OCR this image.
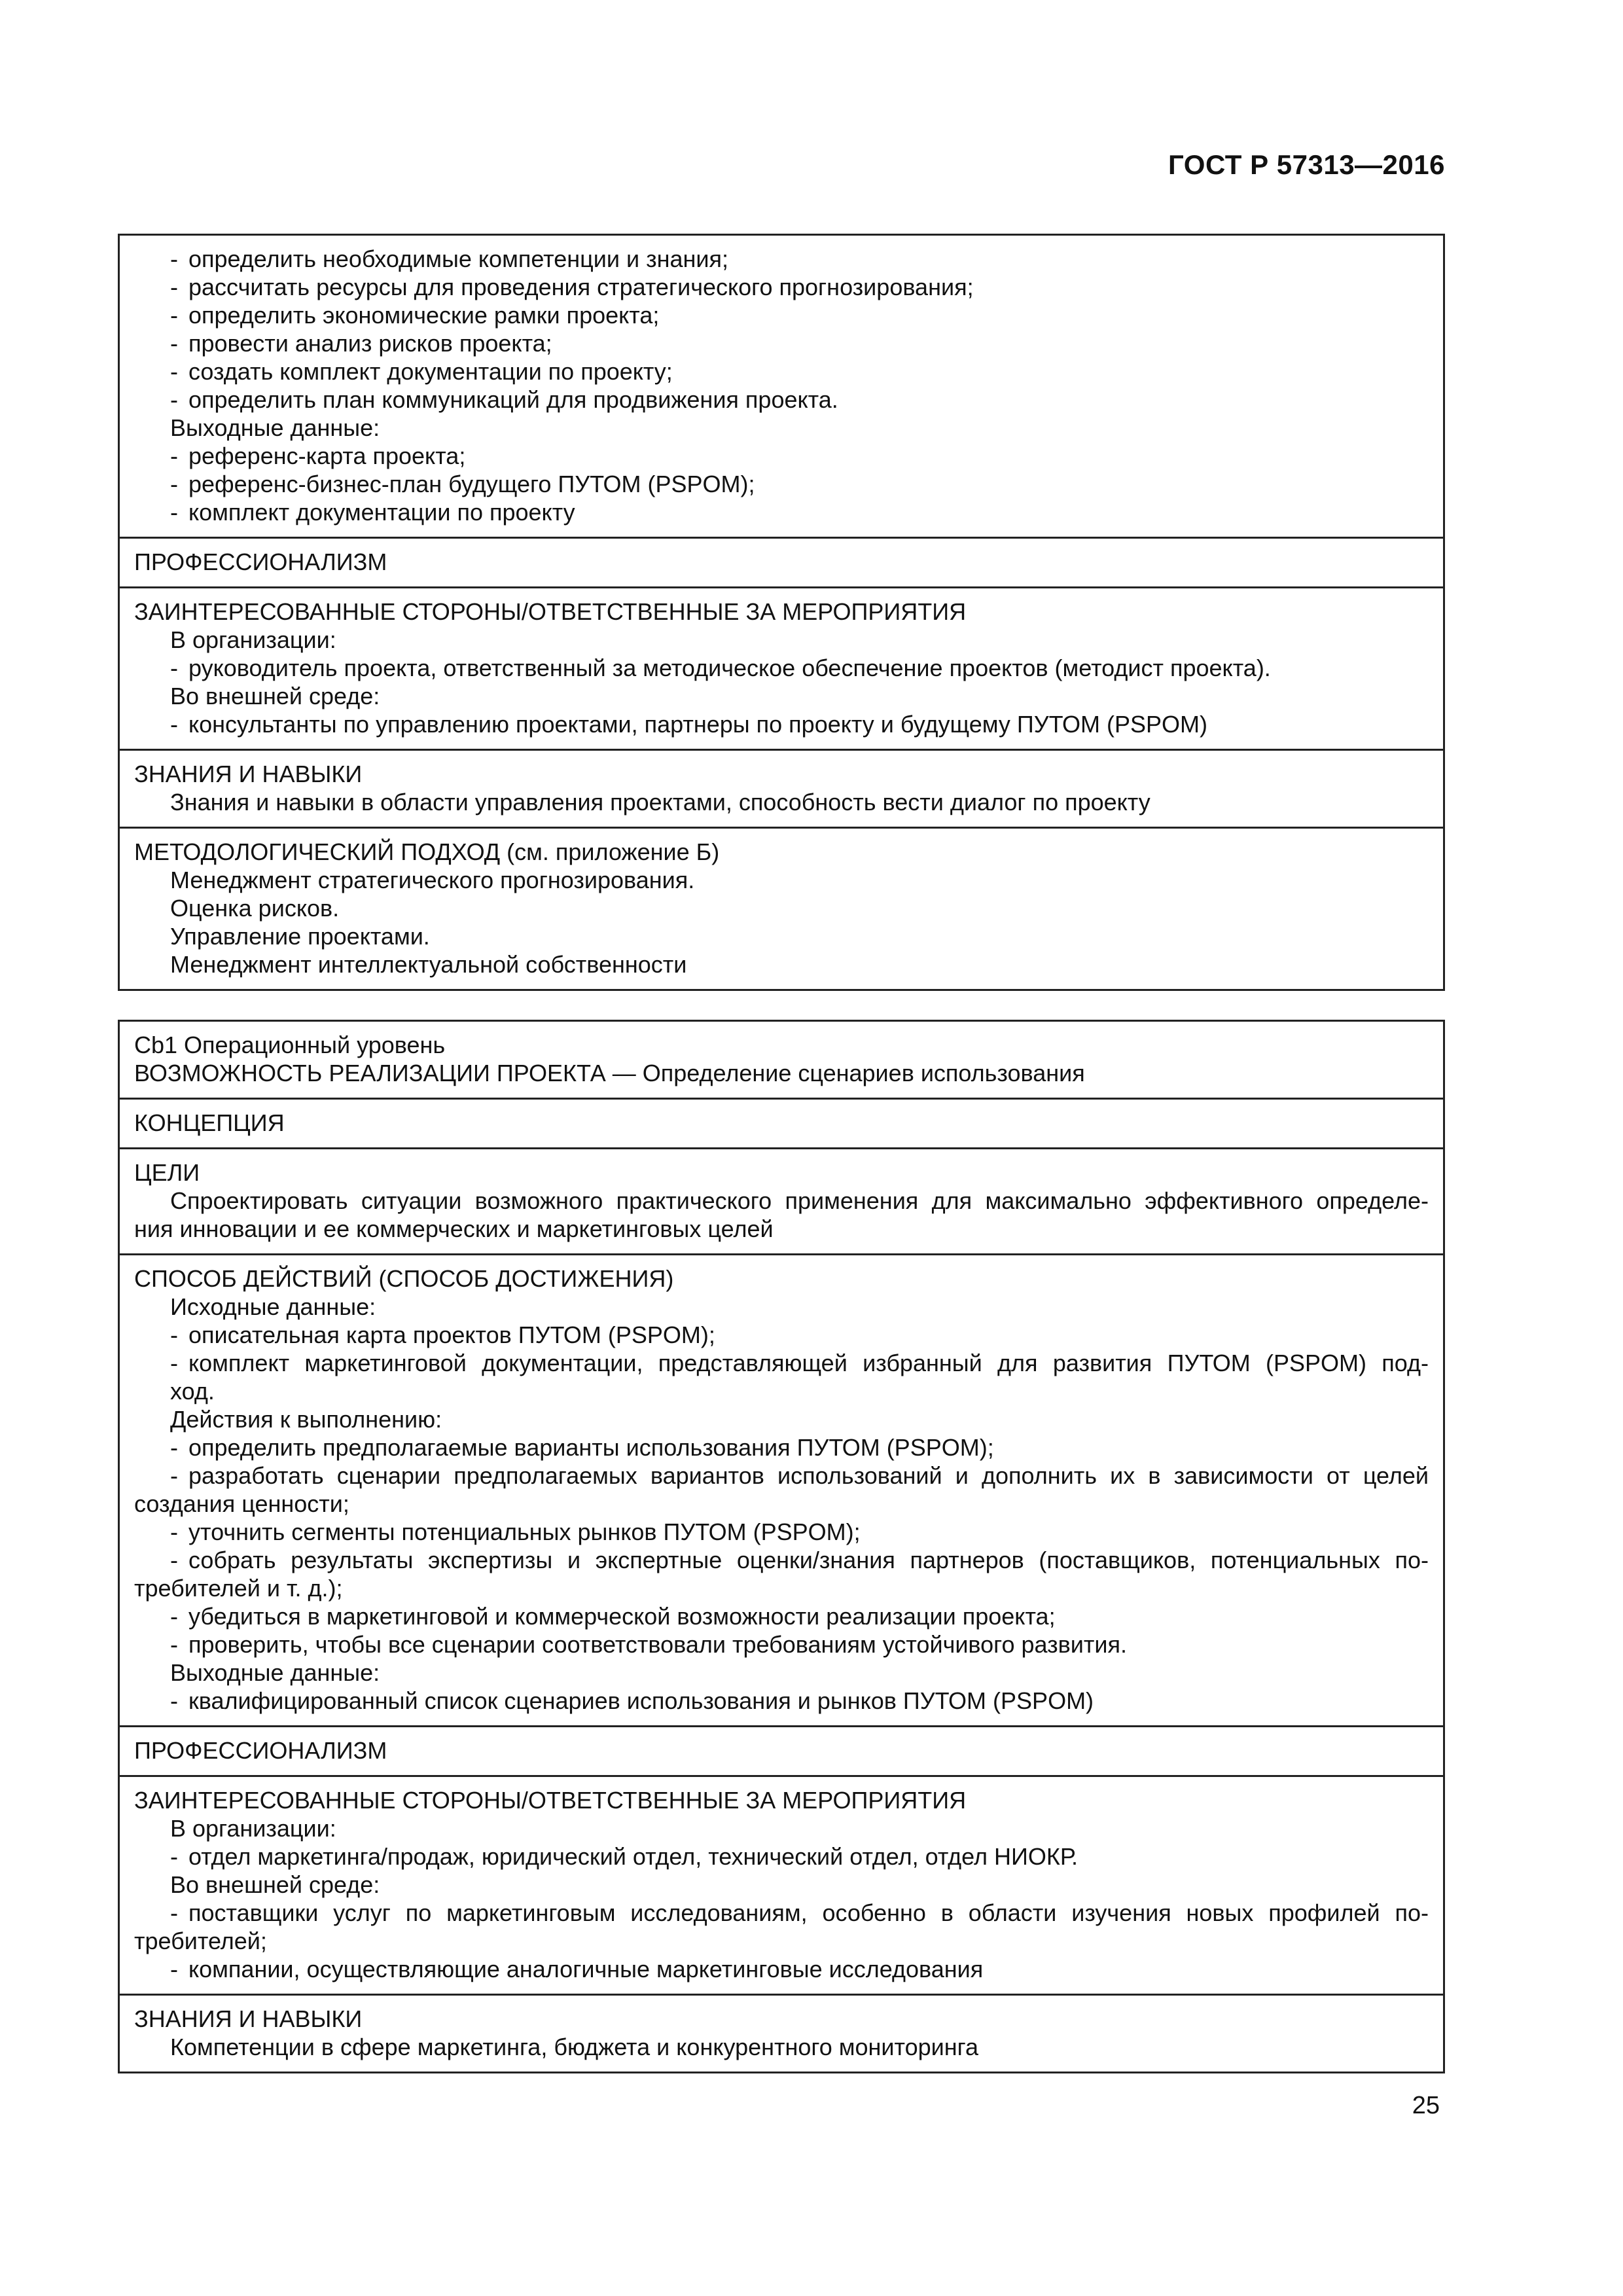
ГОСТ Р 57313—2016
- определить необходимые компетенции и знания;
- рассчитать ресурсы для проведения стратегического прогнозирования;
- определить экономические рамки проекта;
- провести анализ рисков проекта;
- создать комплект документации по проекту;
- определить план коммуникаций для продвижения проекта.
Выходные данные:
- референс-карта проекта;
- референс-бизнес-план будущего ПУТОМ (PSPOM);
- комплект документации по проекту
ПРОФЕССИОНАЛИЗМ
ЗАИНТЕРЕСОВАННЫЕ СТОРОНЫ/ОТВЕТСТВЕННЫЕ ЗА МЕРОПРИЯТИЯ
В организации:
- руководитель проекта, ответственный за методическое обеспечение проектов (методист проекта).
Во внешней среде:
- консультанты по управлению проектами, партнеры по проекту и будущему ПУТОМ (PSPOM)
ЗНАНИЯ И НАВЫКИ
Знания и навыки в области управления проектами, способность вести диалог по проекту
МЕТОДОЛОГИЧЕСКИЙ ПОДХОД (см. приложение Б)
Менеджмент стратегического прогнозирования.
Оценка рисков.
Управление проектами.
Менеджмент интеллектуальной собственности
Cb1 Операционный уровень
ВОЗМОЖНОСТЬ РЕАЛИЗАЦИИ ПРОЕКТА — Определение сценариев использования
КОНЦЕПЦИЯ
ЦЕЛИ
Спроектировать ситуации возможного практического применения для максимально эффективного определе-
ния инновации и ее коммерческих и маркетинговых целей
СПОСОБ ДЕЙСТВИЙ (СПОСОБ ДОСТИЖЕНИЯ)
Исходные данные:
- описательная карта проектов ПУТОМ (PSPOM);
- комплект маркетинговой документации, представляющей избранный для развития ПУТОМ (PSPOM) под-
ход.
Действия к выполнению:
- определить предполагаемые варианты использования ПУТОМ (PSPOM);
- разработать сценарии предполагаемых вариантов использований и дополнить их в зависимости от целей
создания ценности;
- уточнить сегменты потенциальных рынков ПУТОМ (PSPOM);
- собрать результаты экспертизы и экспертные оценки/знания партнеров (поставщиков, потенциальных по-
требителей и т. д.);
- убедиться в маркетинговой и коммерческой возможности реализации проекта;
- проверить, чтобы все сценарии соответствовали требованиям устойчивого развития.
Выходные данные:
- квалифицированный список сценариев использования и рынков ПУТОМ (PSPOM)
ПРОФЕССИОНАЛИЗМ
ЗАИНТЕРЕСОВАННЫЕ СТОРОНЫ/ОТВЕТСТВЕННЫЕ ЗА МЕРОПРИЯТИЯ
В организации:
- отдел маркетинга/продаж, юридический отдел, технический отдел, отдел НИОКР.
Во внешней среде:
- поставщики услуг по маркетинговым исследованиям, особенно в области изучения новых профилей по-
требителей;
- компании, осуществляющие аналогичные маркетинговые исследования
ЗНАНИЯ И НАВЫКИ
Компетенции в сфере маркетинга, бюджета и конкурентного мониторинга
25
